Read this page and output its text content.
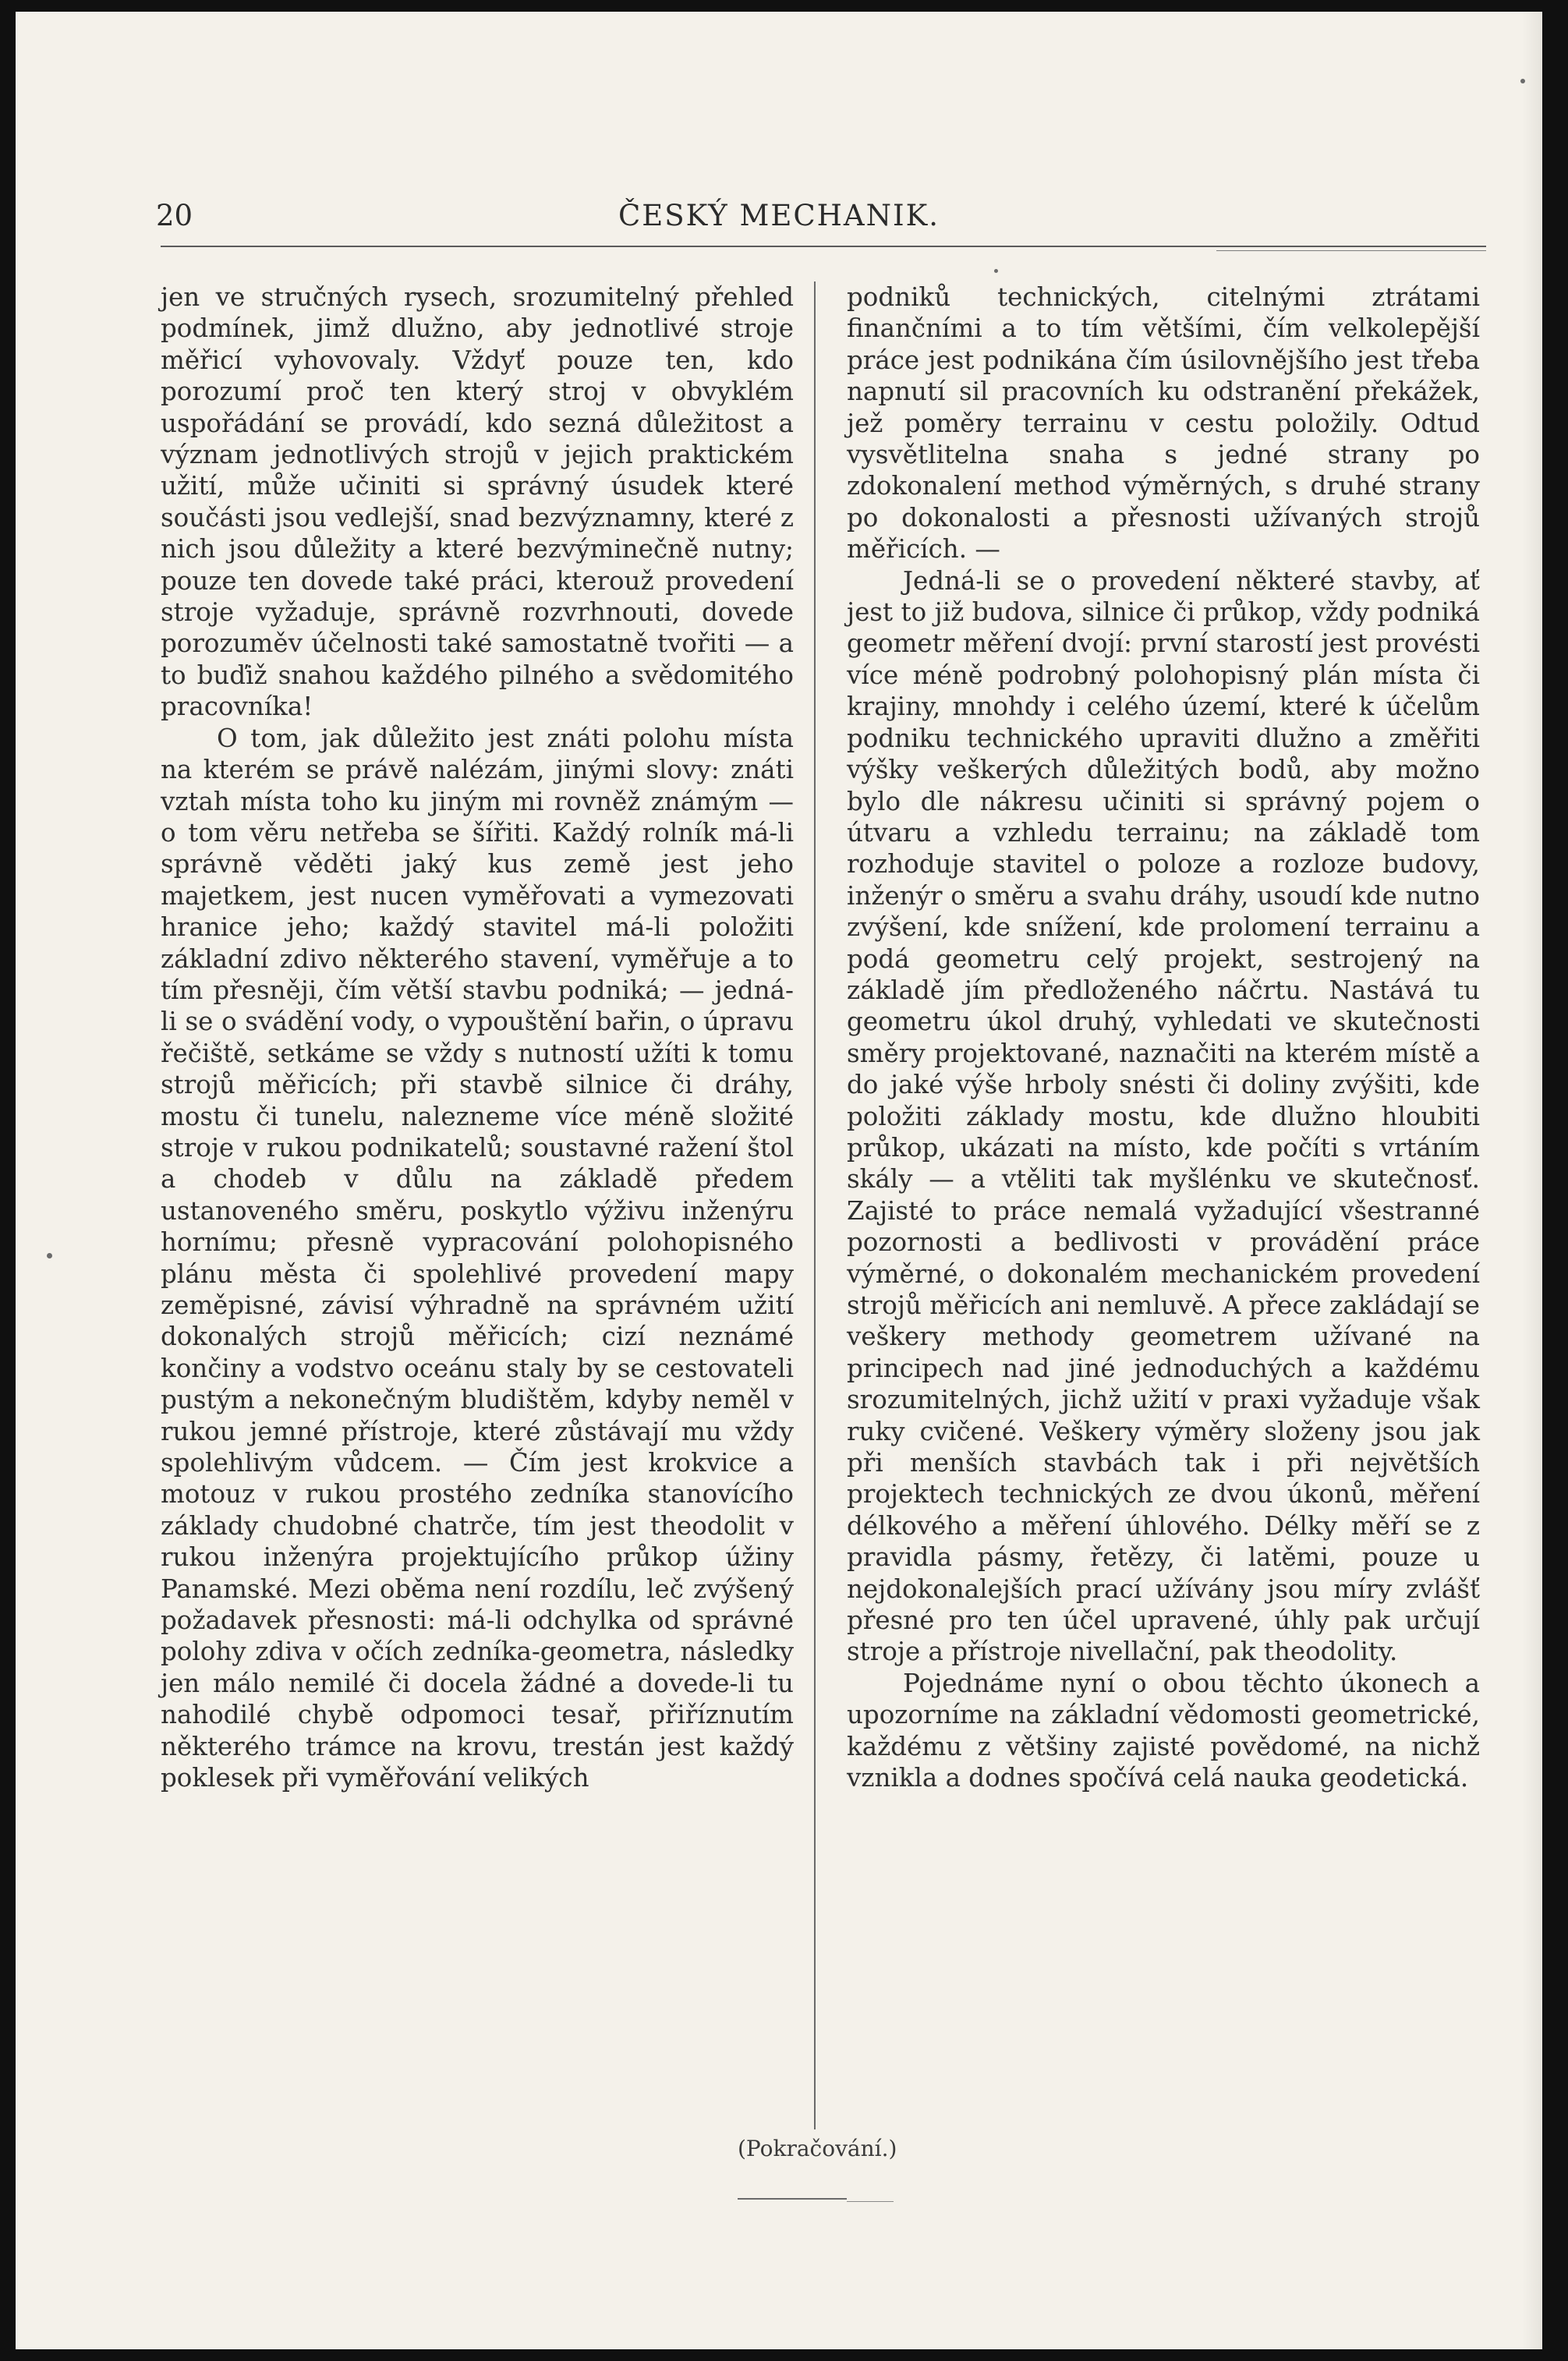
20	ČESKÝ MECHANIK.

jen ve stručných rysech, srozumitelný přehled podmínek, jimž dlužno, aby jednotlivé stroje měřicí vyhovovaly. Vždyť pouze ten, kdo porozumí proč ten který stroj v obvyklém uspořádání se provádí, kdo sezná důležitost a význam jednotlivých strojů v jejich praktickém užití, může učiniti si správný úsudek které součásti jsou vedlejší, snad bezvýznamny, které z nich jsou důležity a které bezvýminečně nutny; pouze ten dovede také práci, kterouž provedení stroje vyžaduje, správně rozvrhnouti, dovede porozuměv účelnosti také samostatně tvořiti — a to buďiž snahou každého pilného a svědomitého pracovníka!

O tom, jak důležito jest znáti polohu místa na kterém se právě nalézám, jinými slovy: znáti vztah místa toho ku jiným mi rovněž známým — o tom věru netřeba se šířiti. Každý rolník má-li správně věděti jaký kus země jest jeho majetkem, jest nucen vyměřovati a vymezovati hranice jeho; každý stavitel má-li položiti základní zdivo některého stavení, vyměřuje a to tím přesněji, čím větší stavbu podniká; — jedná-li se o svádění vody, o vypouštění bařin, o úpravu řečiště, setkáme se vždy s nutností užíti k tomu strojů měřicích; při stavbě silnice či dráhy, mostu či tunelu, nalezneme více méně složité stroje v rukou podnikatelů; soustavné ražení štol a chodeb v důlu na základě předem ustanoveného směru, poskytlo výživu inženýru hornímu; přesně vypracování polohopisného plánu města či spolehlivé provedení mapy zeměpisné, závisí výhradně na správném užití dokonalých strojů měřicích; cizí neznámé končiny a vodstvo oceánu staly by se cestovateli pustým a nekonečným bludištěm, kdyby neměl v rukou jemné přístroje, které zůstávají mu vždy spolehlivým vůdcem. — Čím jest krokvice a motouz v rukou prostého zedníka stanovícího základy chudobné chatrče, tím jest theodolit v rukou inženýra projektujícího průkop úžiny Panamské. Mezi oběma není rozdílu, leč zvýšený požadavek přesnosti: má-li odchylka od správné polohy zdiva v očích zedníka-geometra, následky jen málo nemilé či docela žádné a dovede-li tu nahodilé chybě odpomoci tesař, přiříznutím některého trámce na krovu, trestán jest každý poklesek při vyměřování velikých

podniků technických, citelnými ztrátami finančními a to tím většími, čím velkolepější práce jest podnikána čím úsilovnějšího jest třeba napnutí sil pracovních ku odstranění překážek, jež poměry terrainu v cestu položily. Odtud vysvětlitelna snaha s jedné strany po zdokonalení method výměrných, s druhé strany po dokonalosti a přesnosti užívaných strojů měřicích. —

Jedná-li se o provedení některé stavby, ať jest to již budova, silnice či průkop, vždy podniká geometr měření dvojí: první starostí jest provésti více méně podrobný polohopisný plán místa či krajiny, mnohdy i celého území, které k účelům podniku technického upraviti dlužno a změřiti výšky veškerých důležitých bodů, aby možno bylo dle nákresu učiniti si správný pojem o útvaru a vzhledu terrainu; na základě tom rozhoduje stavitel o poloze a rozloze budovy, inženýr o směru a svahu dráhy, usoudí kde nutno zvýšení, kde snížení, kde prolomení terrainu a podá geometru celý projekt, sestrojený na základě jím předloženého náčrtu. Nastává tu geometru úkol druhý, vyhledati ve skutečnosti směry projektované, naznačiti na kterém místě a do jaké výše hrboly snésti či doliny zvýšiti, kde položiti základy mostu, kde dlužno hloubiti průkop, ukázati na místo, kde počíti s vrtáním skály — a vtěliti tak myšlénku ve skutečnosť. Zajisté to práce nemalá vyžadující všestranné pozornosti a bedlivosti v provádění práce výměrné, o dokonalém mechanickém provedení strojů měřicích ani nemluvě. A přece zakládají se veškery methody geometrem užívané na principech nad jiné jednoduchých a každému srozumitelných, jichž užití v praxi vyžaduje však ruky cvičené. Veškery výměry složeny jsou jak při menších stavbách tak i při největších projektech technických ze dvou úkonů, měření délkového a měření úhlového. Délky měří se z pravidla pásmy, řetězy, či latěmi, pouze u nejdokonalejších prací užívány jsou míry zvlášť přesné pro ten účel upravené, úhly pak určují stroje a přístroje nivellační, pak theodolity.

Pojednáme nyní o obou těchto úkonech a upozorníme na základní vědomosti geometrické, každému z většiny zajisté povědomé, na nichž vznikla a dodnes spočívá celá nauka geodetická.

(Pokračování.)
